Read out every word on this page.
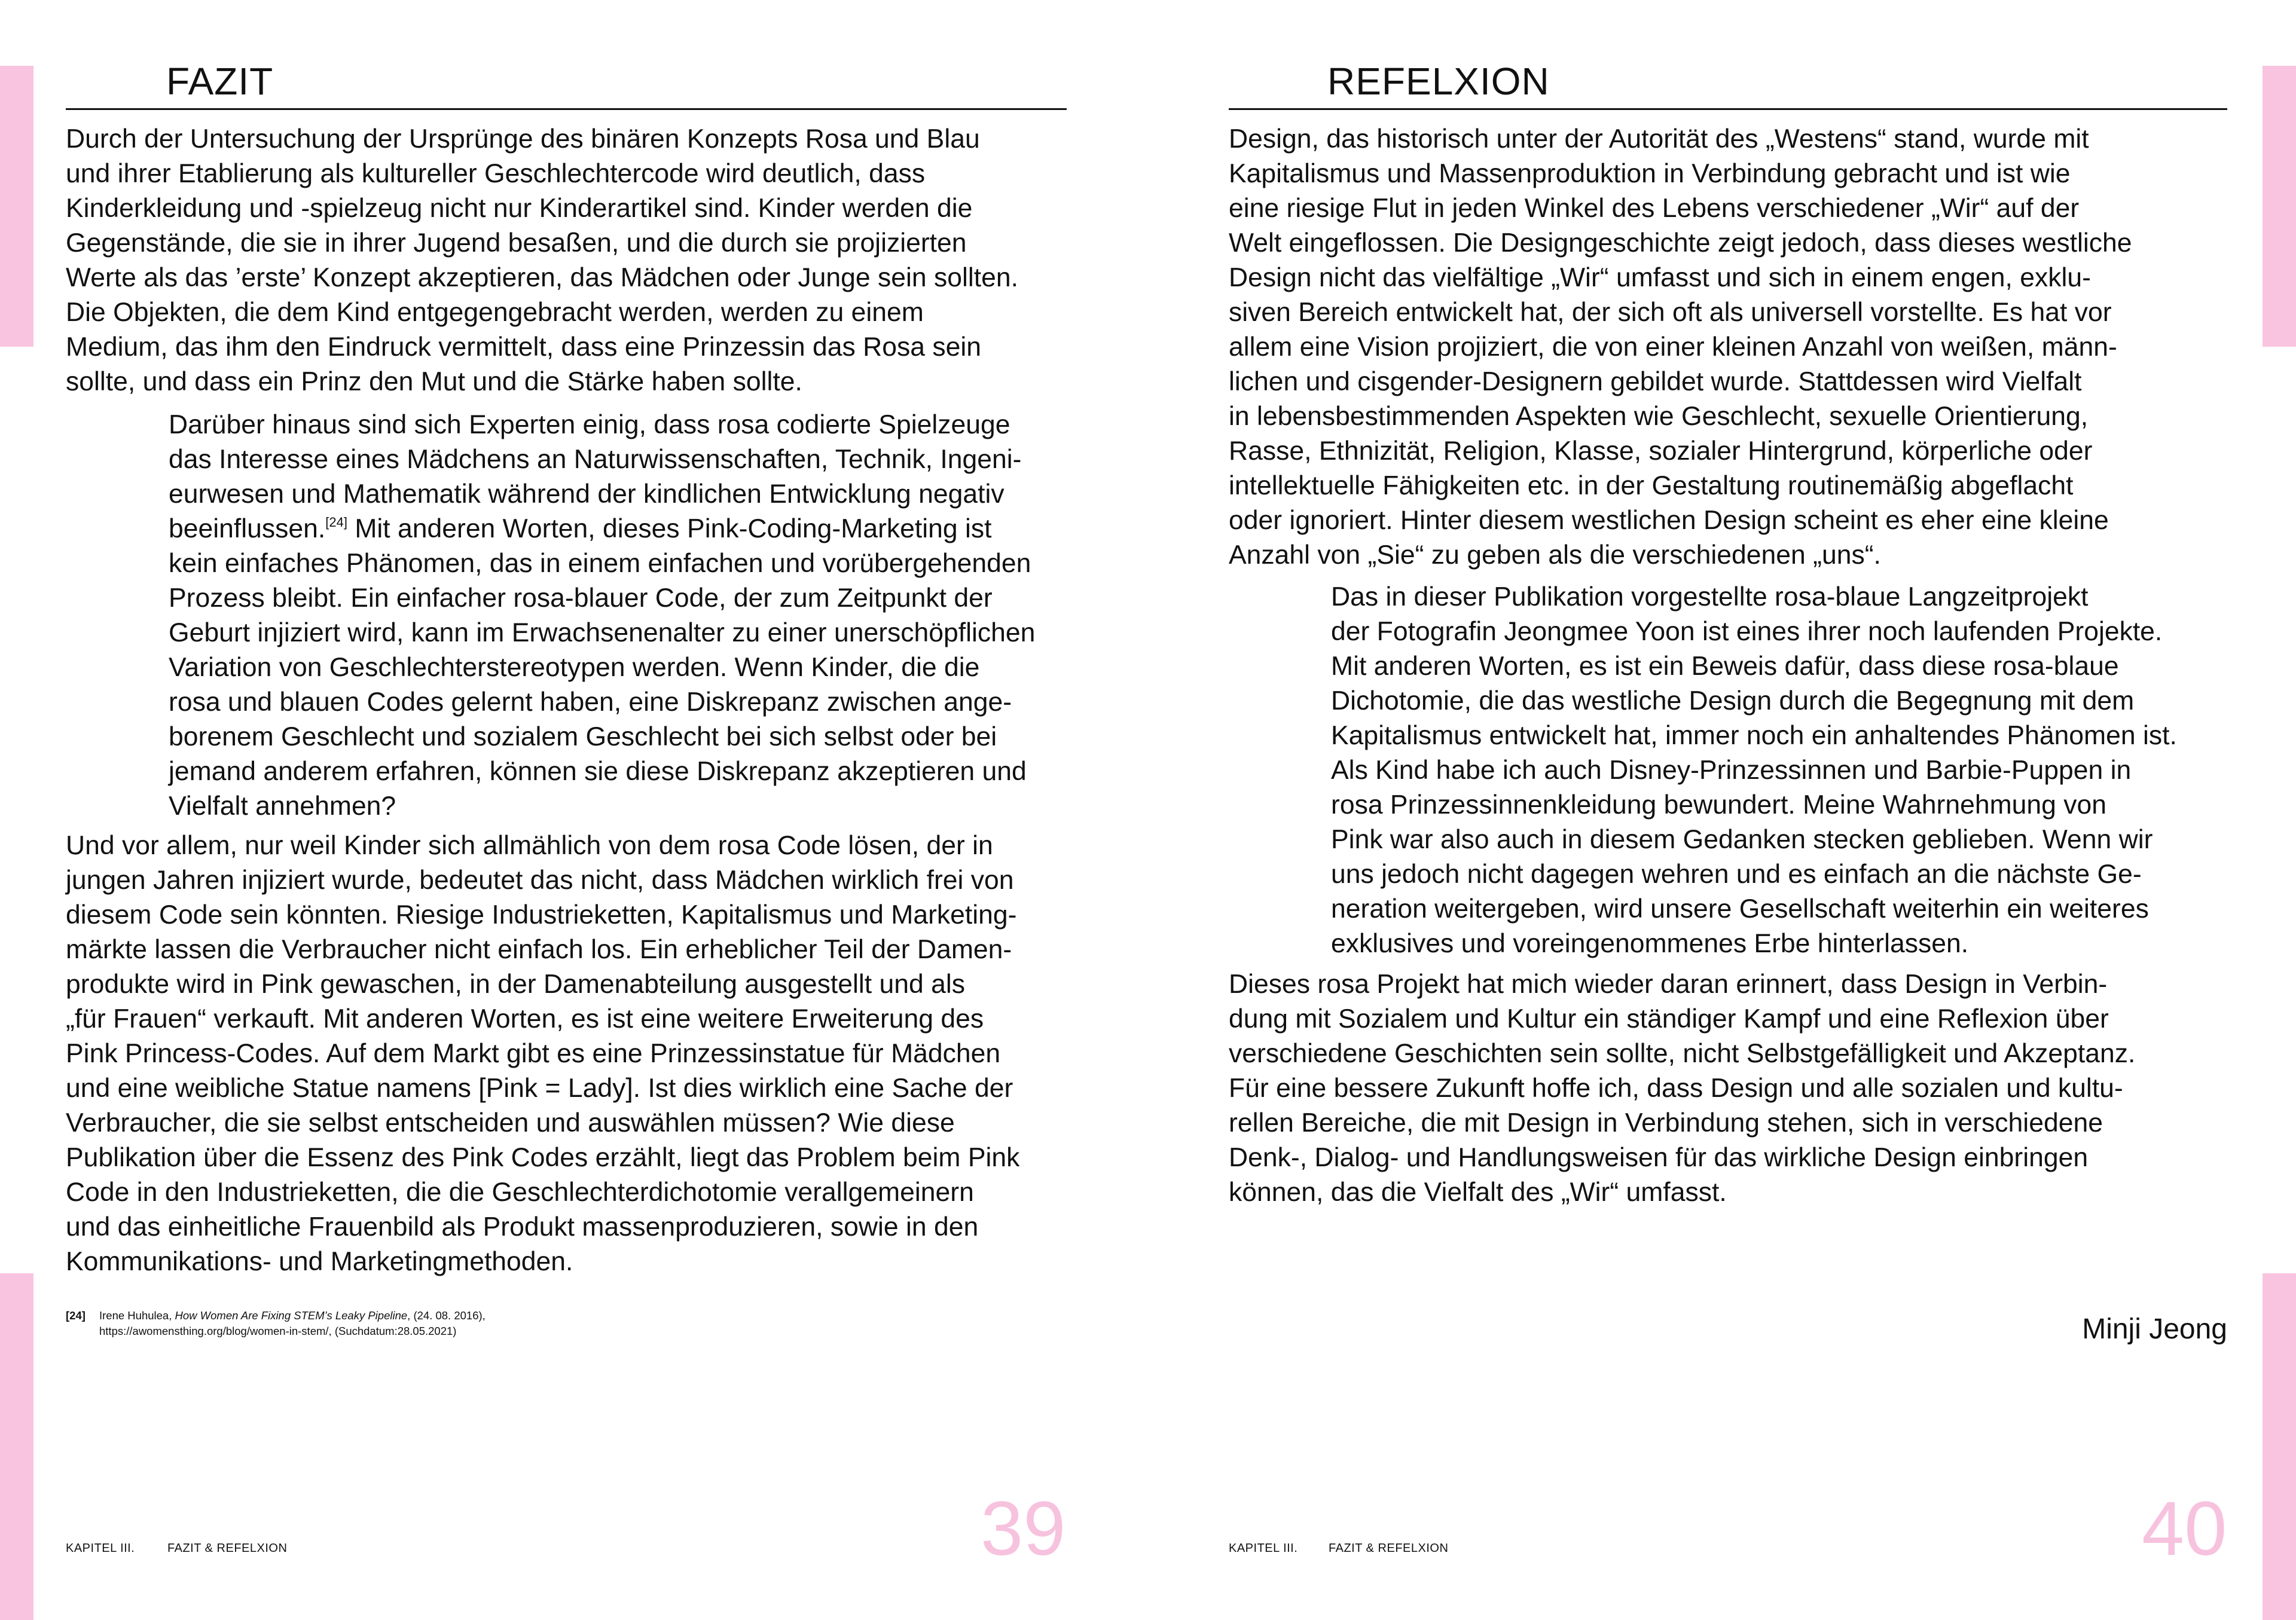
FAZIT
Durch der Untersuchung der Ursprünge des binären Konzepts Rosa und Blau
und ihrer Etablierung als kultureller Geschlechtercode wird deutlich, dass
Kinderkleidung und -spielzeug nicht nur Kinderartikel sind. Kinder werden die
Gegenstände, die sie in ihrer Jugend besaßen, und die durch sie projizierten
Werte als das ’erste’ Konzept akzeptieren, das Mädchen oder Junge sein sollten.
Die Objekten, die dem Kind entgegengebracht werden, werden zu einem
Medium, das ihm den Eindruck vermittelt, dass eine Prinzessin das Rosa sein
sollte, und dass ein Prinz den Mut und die Stärke haben sollte.
Darüber hinaus sind sich Experten einig, dass rosa codierte Spielzeuge
das Interesse eines Mädchens an Naturwissenschaften, Technik, Ingeni-
eurwesen und Mathematik während der kindlichen Entwicklung negativ
beeinflussen.[24] Mit anderen Worten, dieses Pink-Coding-Marketing ist
kein einfaches Phänomen, das in einem einfachen und vorübergehenden
Prozess bleibt. Ein einfacher rosa-blauer Code, der zum Zeitpunkt der
Geburt injiziert wird, kann im Erwachsenenalter zu einer unerschöpflichen
Variation von Geschlechterstereotypen werden. Wenn Kinder, die die
rosa und blauen Codes gelernt haben, eine Diskrepanz zwischen ange-
borenem Geschlecht und sozialem Geschlecht bei sich selbst oder bei
jemand anderem erfahren, können sie diese Diskrepanz akzeptieren und
Vielfalt annehmen?
Und vor allem, nur weil Kinder sich allmählich von dem rosa Code lösen, der in
jungen Jahren injiziert wurde, bedeutet das nicht, dass Mädchen wirklich frei von
diesem Code sein könnten. Riesige Industrieketten, Kapitalismus und Marketing-
märkte lassen die Verbraucher nicht einfach los. Ein erheblicher Teil der Damen-
produkte wird in Pink gewaschen, in der Damenabteilung ausgestellt und als
„für Frauen“ verkauft. Mit anderen Worten, es ist eine weitere Erweiterung des
Pink Princess-Codes. Auf dem Markt gibt es eine Prinzessinstatue für Mädchen
und eine weibliche Statue namens [Pink = Lady]. Ist dies wirklich eine Sache der
Verbraucher, die sie selbst entscheiden und auswählen müssen? Wie diese
Publikation über die Essenz des Pink Codes erzählt, liegt das Problem beim Pink
Code in den Industrieketten, die die Geschlechterdichotomie verallgemeinern
und das einheitliche Frauenbild als Produkt massenproduzieren, sowie in den
Kommunikations- und Marketingmethoden.
[24] Irene Huhulea, How Women Are Fixing STEM’s Leaky Pipeline, (24. 08. 2016),
https://awomensthing.org/blog/women-in-stem/, (Suchdatum:28.05.2021)
KAPITEL III.	FAZIT & REFELXION	39
REFELXION
Design, das historisch unter der Autorität des „Westens“ stand, wurde mit
Kapitalismus und Massenproduktion in Verbindung gebracht und ist wie
eine riesige Flut in jeden Winkel des Lebens verschiedener „Wir“ auf der
Welt eingeflossen. Die Designgeschichte zeigt jedoch, dass dieses westliche
Design nicht das vielfältige „Wir“ umfasst und sich in einem engen, exklu-
siven Bereich entwickelt hat, der sich oft als universell vorstellte. Es hat vor
allem eine Vision projiziert, die von einer kleinen Anzahl von weißen, männ-
lichen und cisgender-Designern gebildet wurde. Stattdessen wird Vielfalt
in lebensbestimmenden Aspekten wie Geschlecht, sexuelle Orientierung,
Rasse, Ethnizität, Religion, Klasse, sozialer Hintergrund, körperliche oder
intellektuelle Fähigkeiten etc. in der Gestaltung routinemäßig abgeflacht
oder ignoriert. Hinter diesem westlichen Design scheint es eher eine kleine
Anzahl von „Sie“ zu geben als die verschiedenen „uns“.
Das in dieser Publikation vorgestellte rosa-blaue Langzeitprojekt
der Fotografin Jeongmee Yoon ist eines ihrer noch laufenden Projekte.
Mit anderen Worten, es ist ein Beweis dafür, dass diese rosa-blaue
Dichotomie, die das westliche Design durch die Begegnung mit dem
Kapitalismus entwickelt hat, immer noch ein anhaltendes Phänomen ist.
Als Kind habe ich auch Disney-Prinzessinnen und Barbie-Puppen in
rosa Prinzessinnenkleidung bewundert. Meine Wahrnehmung von
Pink war also auch in diesem Gedanken stecken geblieben. Wenn wir
uns jedoch nicht dagegen wehren und es einfach an die nächste Ge-
neration weitergeben, wird unsere Gesellschaft weiterhin ein weiteres
exklusives und voreingenommenes Erbe hinterlassen.
Dieses rosa Projekt hat mich wieder daran erinnert, dass Design in Verbin-
dung mit Sozialem und Kultur ein ständiger Kampf und eine Reflexion über
verschiedene Geschichten sein sollte, nicht Selbstgefälligkeit und Akzeptanz.
Für eine bessere Zukunft hoffe ich, dass Design und alle sozialen und kultu-
rellen Bereiche, die mit Design in Verbindung stehen, sich in verschiedene
Denk-, Dialog- und Handlungsweisen für das wirkliche Design einbringen
können, das die Vielfalt des „Wir“ umfasst.
Minji Jeong
KAPITEL III.	FAZIT & REFELXION	40
